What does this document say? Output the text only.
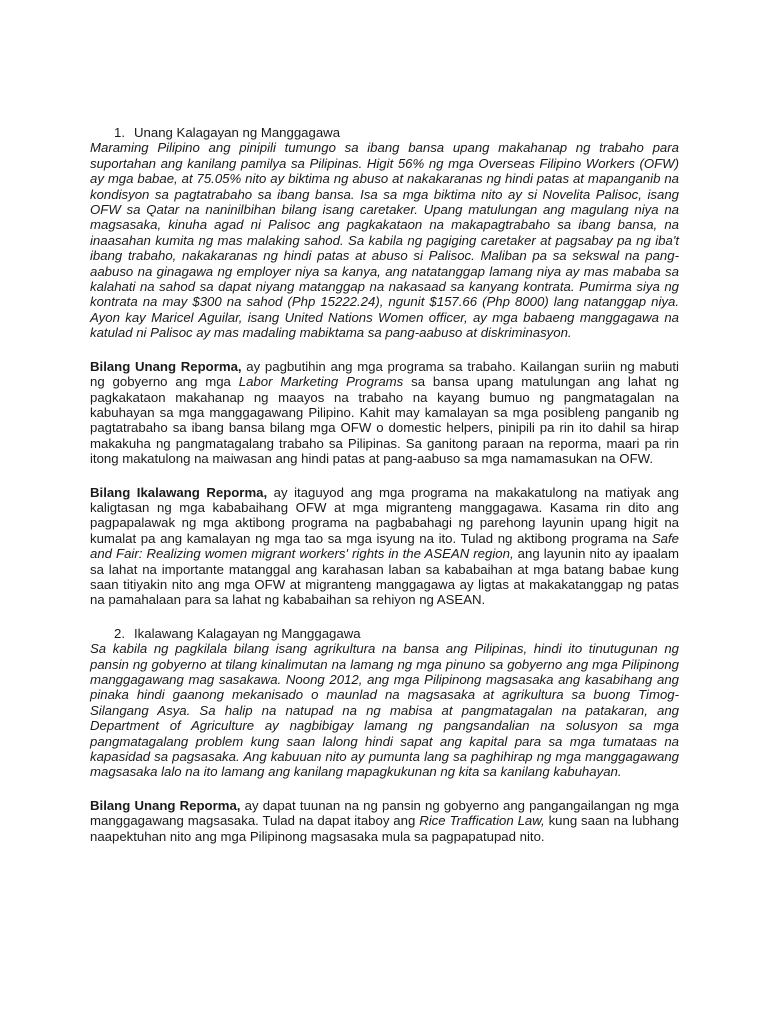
1. Unang Kalagayan ng Manggagawa

Maraming Pilipino ang pinipili tumungo sa ibang bansa upang makahanap ng trabaho para suportahan ang kanilang pamilya sa Pilipinas. Higit 56% ng mga Overseas Filipino Workers (OFW) ay mga babae, at 75.05% nito ay biktima ng abuso at nakakaranas ng hindi patas at mapanganib na kondisyon sa pagtatrabaho sa ibang bansa. Isa sa mga biktima nito ay si Novelita Palisoc, isang OFW sa Qatar na naninilbihan bilang isang caretaker. Upang matulungan ang magulang niya na magsasaka, kinuha agad ni Palisoc ang pagkakataon na makapagtrabaho sa ibang bansa, na inaasahan kumita ng mas malaking sahod. Sa kabila ng pagiging caretaker at pagsabay pa ng iba't ibang trabaho, nakakaranas ng hindi patas at abuso si Palisoc. Maliban pa sa sekswal na pang-aabuso na ginagawa ng employer niya sa kanya, ang natatanggap lamang niya ay mas mababa sa kalahati na sahod sa dapat niyang matanggap na nakasaad sa kanyang kontrata. Pumirma siya ng kontrata na may $300 na sahod (Php 15222.24), ngunit $157.66 (Php 8000) lang natanggap niya. Ayon kay Maricel Aguilar, isang United Nations Women officer, ay mga babaeng manggagawa na katulad ni Palisoc ay mas madaling mabiktama sa pang-aabuso at diskriminasyon.

Bilang Unang Reporma, ay pagbutihin ang mga programa sa trabaho. Kailangan suriin ng mabuti ng gobyerno ang mga Labor Marketing Programs sa bansa upang matulungan ang lahat ng pagkakataon makahanap ng maayos na trabaho na kayang bumuo ng pangmatagalan na kabuhayan sa mga manggagawang Pilipino. Kahit may kamalayan sa mga posibleng panganib ng pagtatrabaho sa ibang bansa bilang mga OFW o domestic helpers, pinipili pa rin ito dahil sa hirap makakuha ng pangmatagalang trabaho sa Pilipinas. Sa ganitong paraan na reporma, maari pa rin itong makatulong na maiwasan ang hindi patas at pang-aabuso sa mga namamasukan na OFW.

Bilang Ikalawang Reporma, ay itaguyod ang mga programa na makakatulong na matiyak ang kaligtasan ng mga kababaihang OFW at mga migranteng manggagawa. Kasama rin dito ang pagpapalawak ng mga aktibong programa na pagbabahagi ng parehong layunin upang higit na kumalat pa ang kamalayan ng mga tao sa mga isyung na ito. Tulad ng aktibong programa na Safe and Fair: Realizing women migrant workers' rights in the ASEAN region, ang layunin nito ay ipaalam sa lahat na importante matanggal ang karahasan laban sa kababaihan at mga batang babae kung saan titiyakin nito ang mga OFW at migranteng manggagawa ay ligtas at makakatanggap ng patas na pamahalaan para sa lahat ng kababaihan sa rehiyon ng ASEAN.

2. Ikalawang Kalagayan ng Manggagawa

Sa kabila ng pagkilala bilang isang agrikultura na bansa ang Pilipinas, hindi ito tinutugunan ng pansin ng gobyerno at tilang kinalimutan na lamang ng mga pinuno sa gobyerno ang mga Pilipinong manggagawang mag sasakawa. Noong 2012, ang mga Pilipinong magsasaka ang kasabihang ang pinaka hindi gaanong mekanisado o maunlad na magsasaka at agrikultura sa buong Timog-Silangang Asya. Sa halip na natupad na ng mabisa at pangmatagalan na patakaran, ang Department of Agriculture ay nagbibigay lamang ng pangsandalian na solusyon sa mga pangmatagalang problem kung saan lalong hindi sapat ang kapital para sa mga tumataas na kapasidad sa pagsasaka. Ang kabuuan nito ay pumunta lang sa paghihirap ng mga manggagawang magsasaka lalo na ito lamang ang kanilang mapagkukunan ng kita sa kanilang kabuhayan.

Bilang Unang Reporma, ay dapat tuunan na ng pansin ng gobyerno ang pangangailangan ng mga manggagawang magsasaka. Tulad na dapat itaboy ang Rice Traffication Law, kung saan na lubhang naapektuhan nito ang mga Pilipinong magsasaka mula sa pagpapatupad nito.
